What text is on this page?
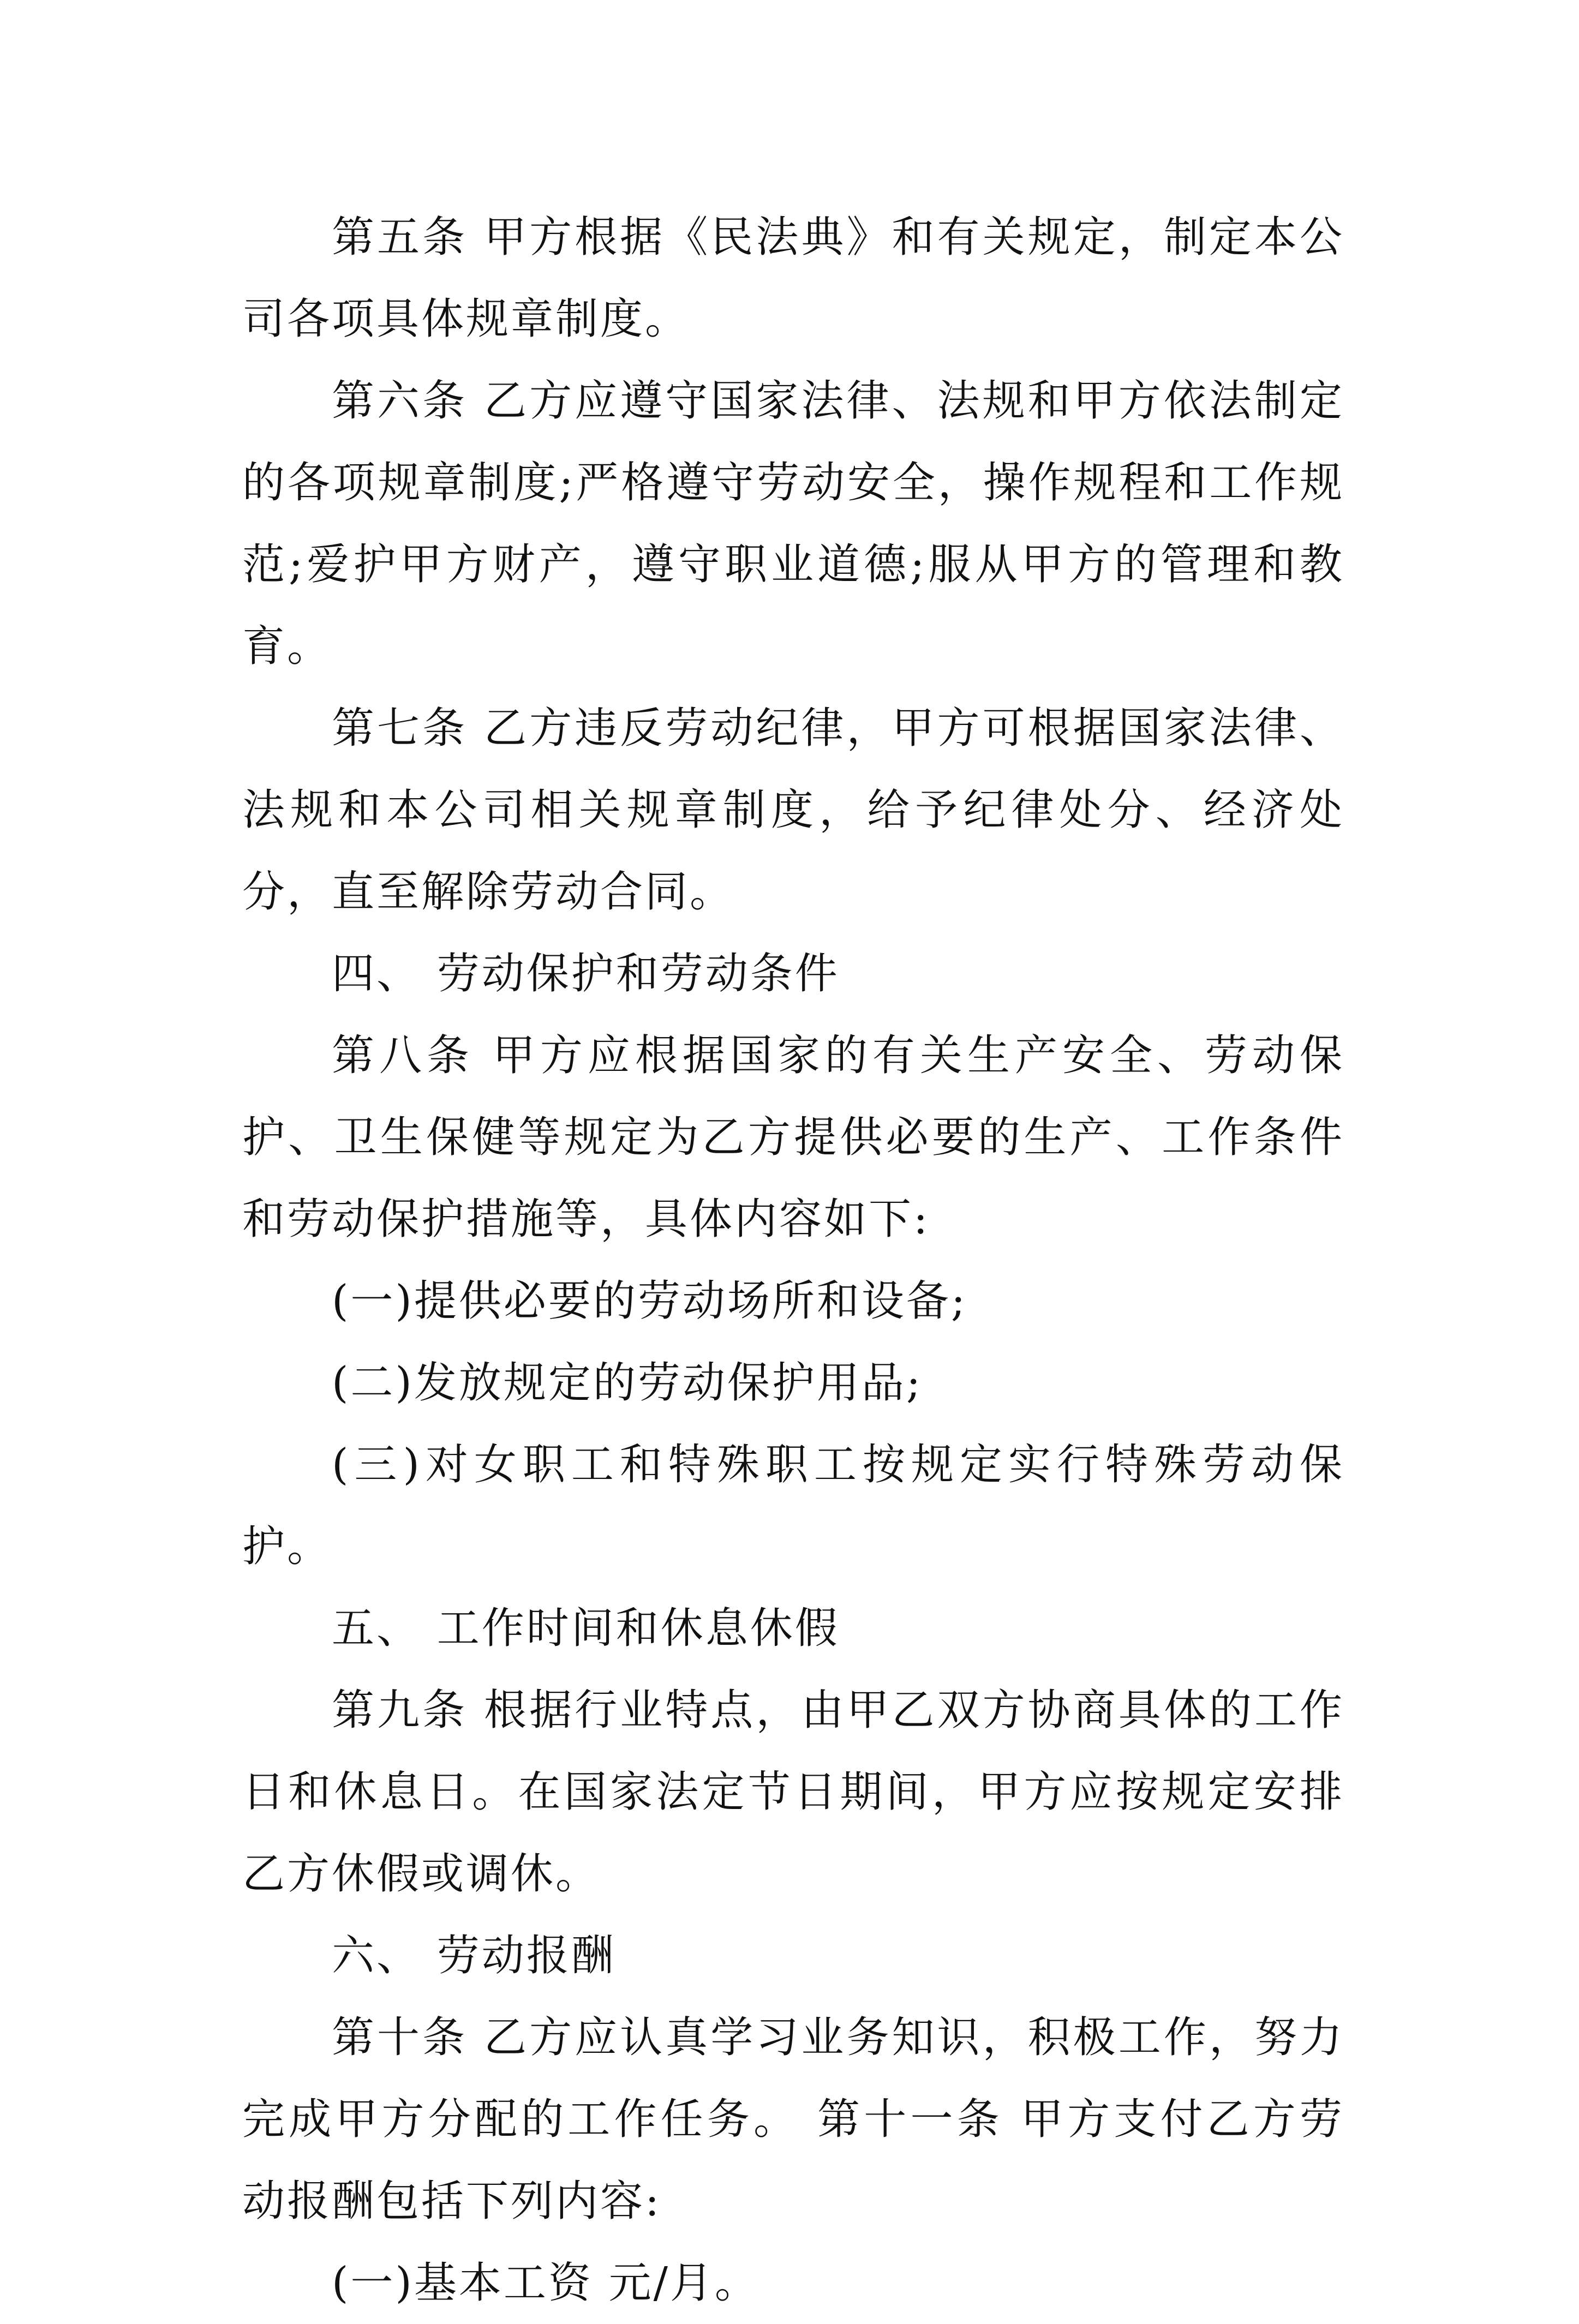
第五条 甲方根据《民法典》和有关规定，制定本公司各项具体规章制度。

第六条 乙方应遵守国家法律、法规和甲方依法制定的各项规章制度;严格遵守劳动安全，操作规程和工作规范;爱护甲方财产，遵守职业道德;服从甲方的管理和教育。

第七条 乙方违反劳动纪律，甲方可根据国家法律、法规和本公司相关规章制度，给予纪律处分、经济处分，直至解除劳动合同。

四、 劳动保护和劳动条件

第八条 甲方应根据国家的有关生产安全、劳动保护、卫生保健等规定为乙方提供必要的生产、工作条件和劳动保护措施等，具体内容如下:

(一)提供必要的劳动场所和设备;

(二)发放规定的劳动保护用品;

(三)对女职工和特殊职工按规定实行特殊劳动保护。

五、 工作时间和休息休假

第九条 根据行业特点，由甲乙双方协商具体的工作日和休息日。在国家法定节日期间，甲方应按规定安排乙方休假或调休。

六、 劳动报酬

第十条 乙方应认真学习业务知识，积极工作，努力完成甲方分配的工作任务。 第十一条 甲方支付乙方劳动报酬包括下列内容:

(一)基本工资 元/月。
